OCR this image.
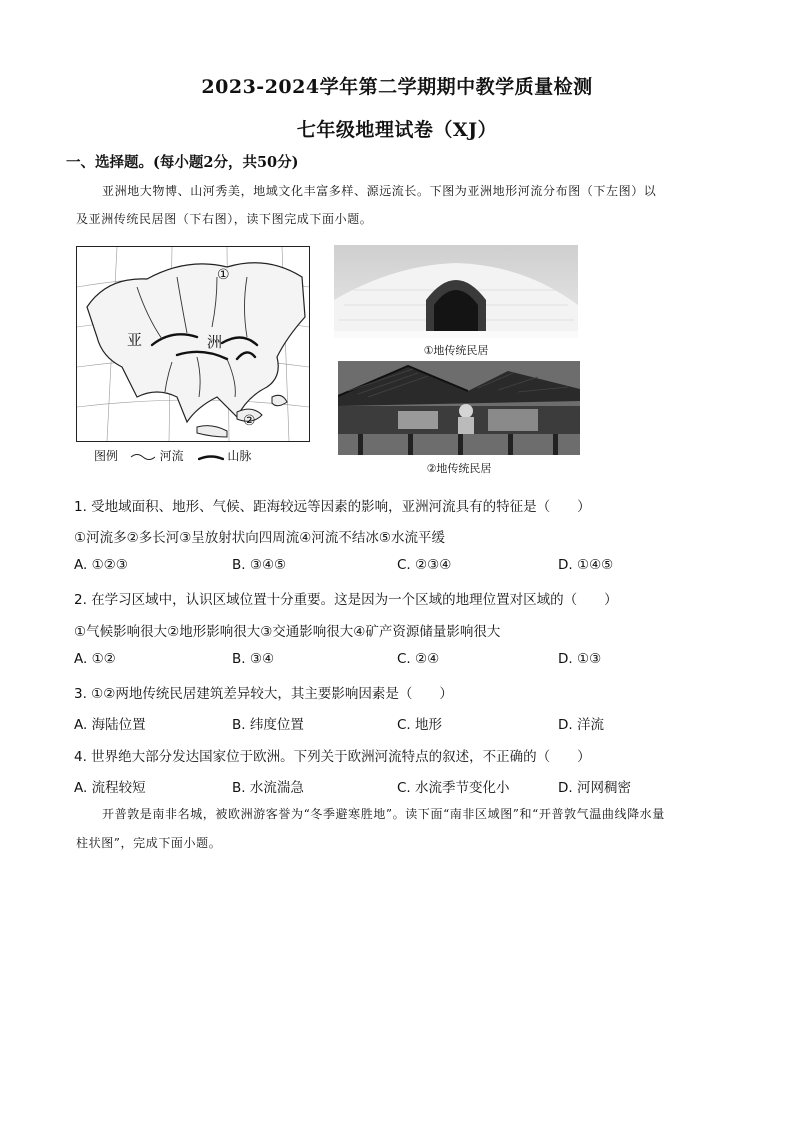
2023-2024学年第二学期期中教学质量检测
七年级地理试卷（XJ）
一、选择题。(每小题2分，共50分)
亚洲地大物博、山河秀美，地域文化丰富多样、源远流长。下图为亚洲地形河流分布图（下左图）以
及亚洲传统民居图（下右图），读下图完成下面小题。
亚	洲
①
②
图例	河流	山脉
①地传统民居
②地传统民居
1. 受地域面积、地形、气候、距海较远等因素的影响，亚洲河流具有的特征是（　　）
①河流多②多长河③呈放射状向四周流④河流不结冰⑤水流平缓
A. ①②③	B. ③④⑤	C. ②③④	D. ①④⑤
2. 在学习区域中，认识区域位置十分重要。这是因为一个区域的地理位置对区域的（　　）
①气候影响很大②地形影响很大③交通影响很大④矿产资源储量影响很大
A. ①②	B. ③④	C. ②④	D. ①③
3. ①②两地传统民居建筑差异较大，其主要影响因素是（　　）
A. 海陆位置	B. 纬度位置	C. 地形	D. 洋流
4. 世界绝大部分发达国家位于欧洲。下列关于欧洲河流特点的叙述，不正确的（　　）
A. 流程较短	B. 水流湍急	C. 水流季节变化小	D. 河网稠密
开普敦是南非名城，被欧洲游客誉为“冬季避寒胜地”。读下面“南非区域图”和“开普敦气温曲线降水量
柱状图”，完成下面小题。
